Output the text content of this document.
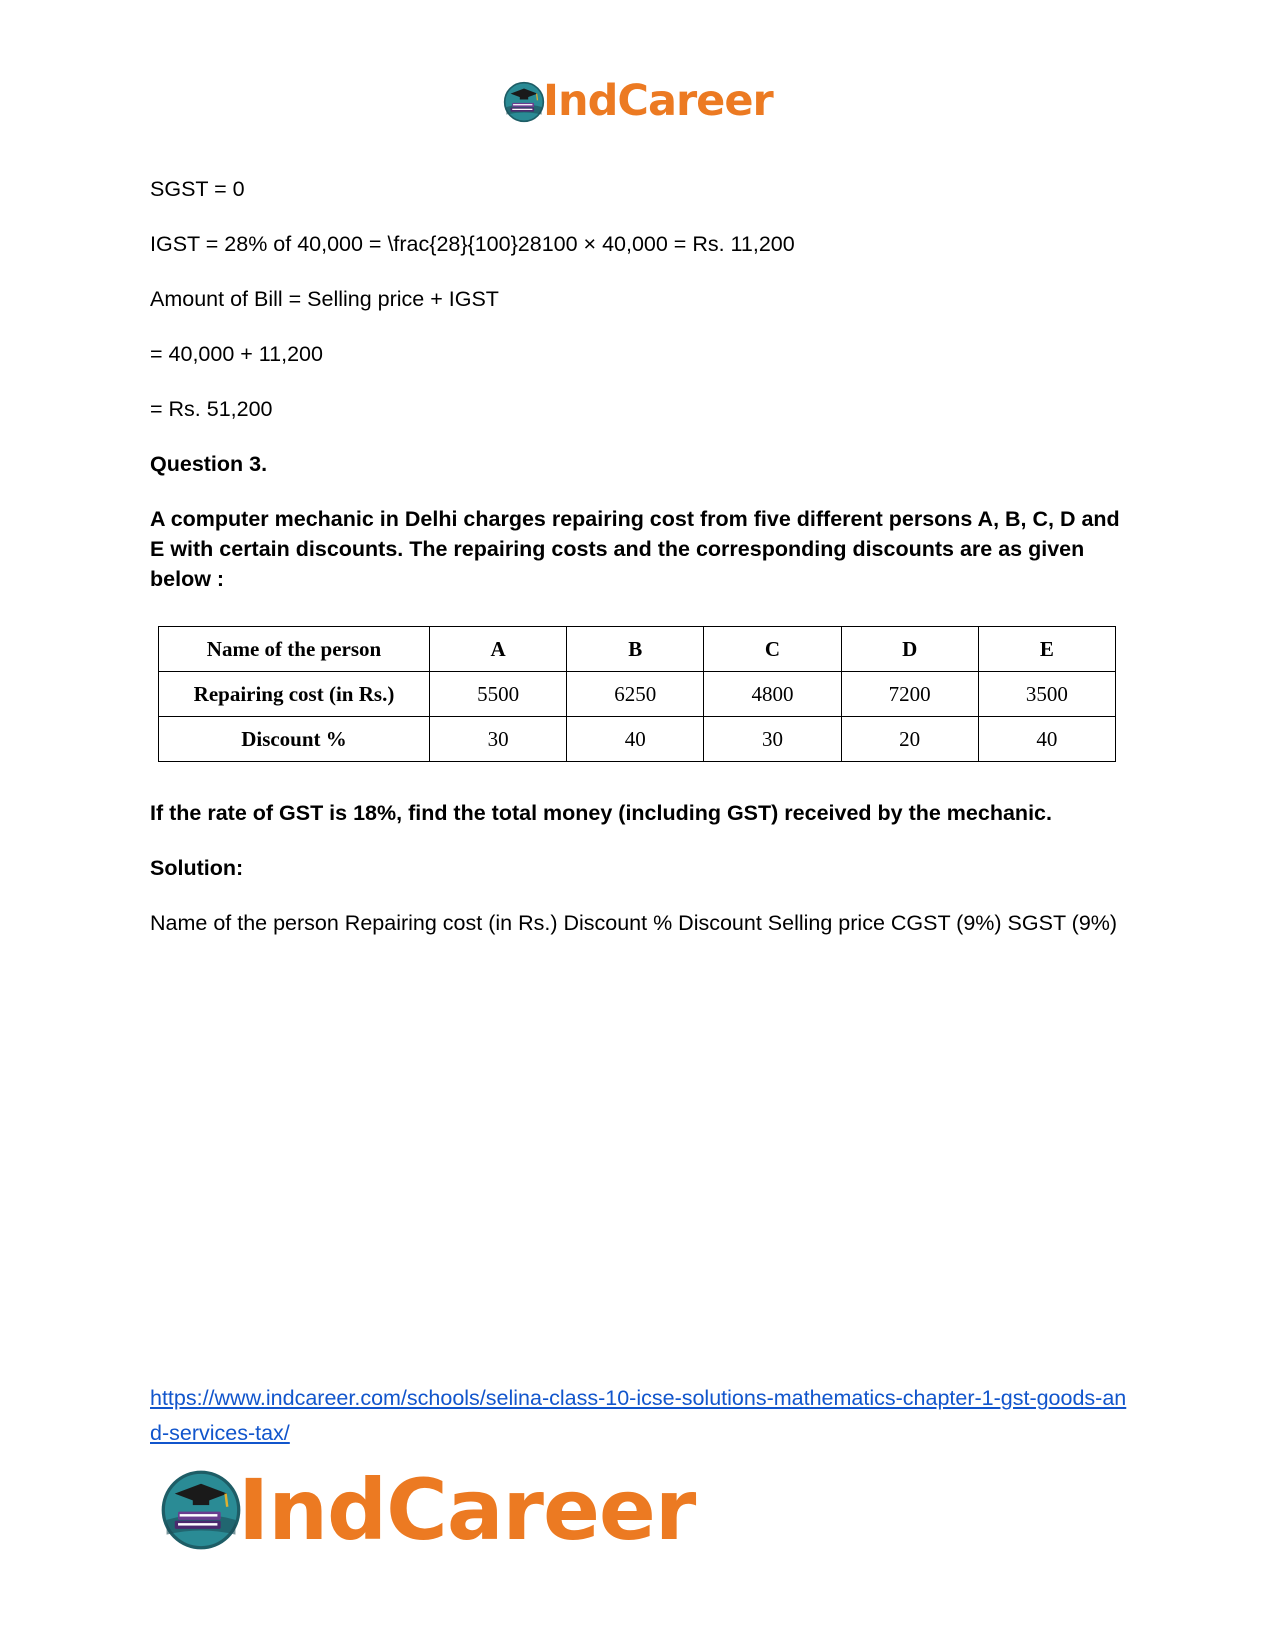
IndCareer

SGST = 0

IGST = 28% of 40,000 = \frac{28}{100}28100 × 40,000 = Rs. 11,200

Amount of Bill = Selling price + IGST

= 40,000 + 11,200

= Rs. 51,200

Question 3.

A computer mechanic in Delhi charges repairing cost from five different persons A, B, C, D and E with certain discounts. The repairing costs and the corresponding discounts are as given below :

Name of the person	A	B	C	D	E
Repairing cost (in Rs.)	5500	6250	4800	7200	3500
Discount %	30	40	30	20	40

If the rate of GST is 18%, find the total money (including GST) received by the mechanic.

Solution:

Name of the person Repairing cost (in Rs.) Discount % Discount Selling price CGST (9%) SGST (9%)

https://www.indcareer.com/schools/selina-class-10-icse-solutions-mathematics-chapter-1-gst-goods-and-services-tax/
IndCareer
